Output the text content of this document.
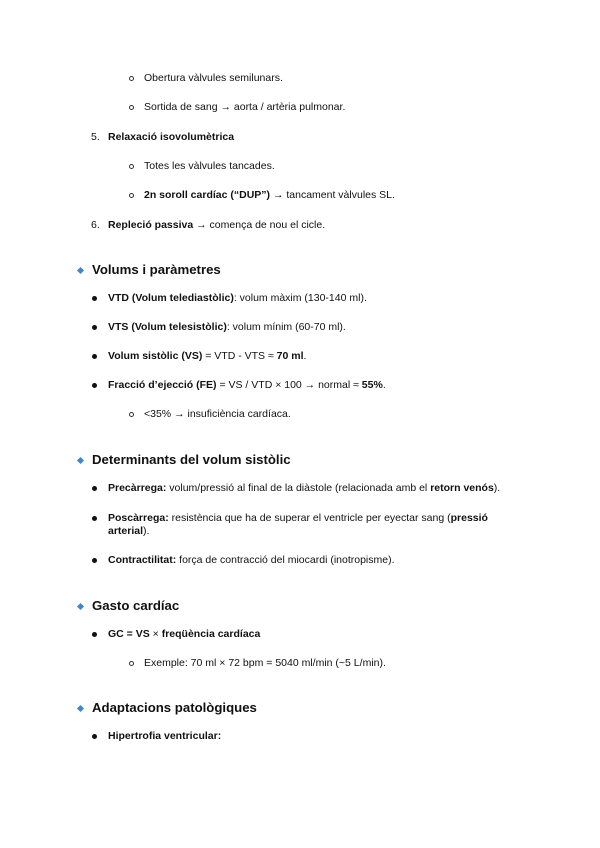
Obertura vàlvules semilunars.
Sortida de sang → aorta / artèria pulmonar.
5. Relaxació isovolumètrica
Totes les vàlvules tancades.
2n soroll cardíac (“DUP”) → tancament vàlvules SL.
6. Repleció passiva → comença de nou el cicle.
Volums i paràmetres
VTD (Volum telediastòlic): volum màxim (130-140 ml).
VTS (Volum telesistòlic): volum mínim (60-70 ml).
Volum sistòlic (VS) = VTD - VTS ≈ 70 ml.
Fracció d’ejecció (FE) = VS / VTD × 100 → normal ≈ 55%.
<35% → insuficiència cardíaca.
Determinants del volum sistòlic
Precàrrega: volum/pressió al final de la diàstole (relacionada amb el retorn venós).
Poscàrrega: resistència que ha de superar el ventricle per eyectar sang (pressió
arterial).
Contractilitat: força de contracció del miocardi (inotropisme).
Gasto cardíac
GC = VS × freqüència cardíaca
Exemple: 70 ml × 72 bpm = 5040 ml/min (~5 L/min).
Adaptacions patològiques
Hipertrofia ventricular:
